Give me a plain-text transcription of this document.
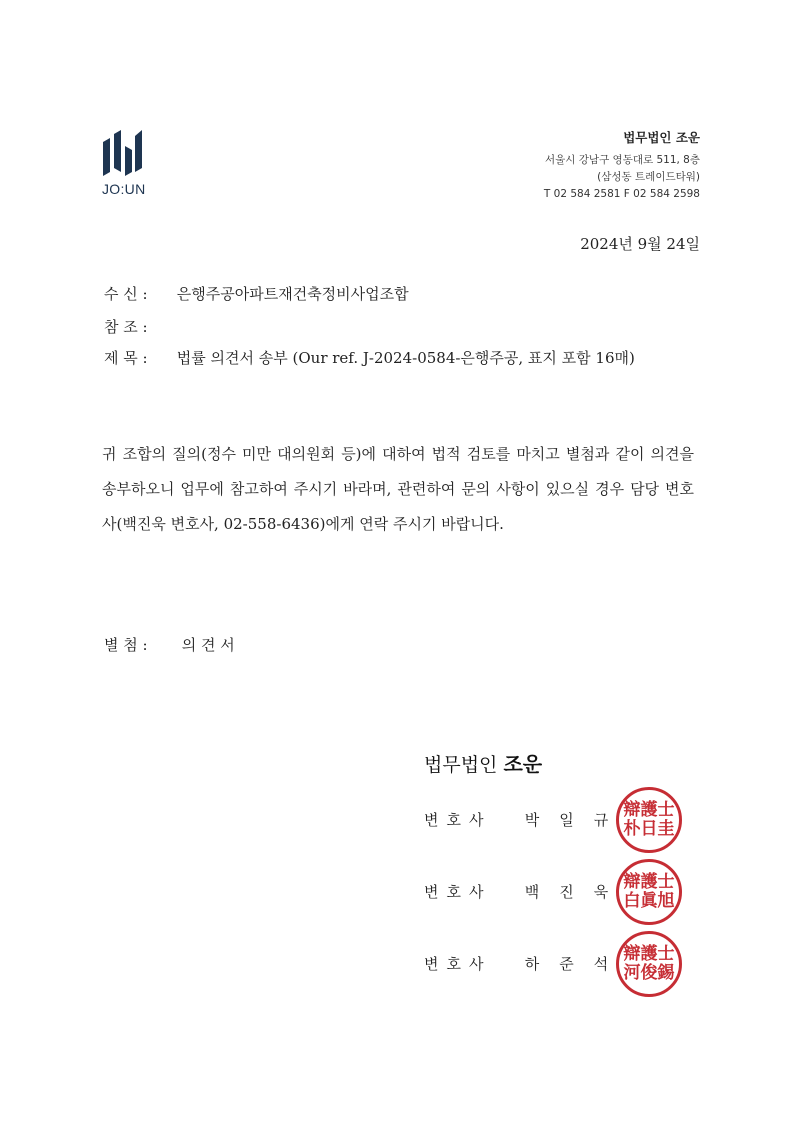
JO:UN
법무법인 조운
서울시 강남구 영동대로 511, 8층
(삼성동 트레이드타워)
T 02 584 2581 F 02 584 2598
2024년 9월 24일
수 신 : 은행주공아파트재건축정비사업조합
참 조 :
제 목 : 법률 의견서 송부 (Our ref. J-2024-0584-은행주공, 표지 포함 16매)
귀 조합의 질의(정수 미만 대의원회 등)에 대하여 법적 검토를 마치고 별첨과 같이 의견을 송부하오니 업무에 참고하여 주시기 바라며, 관련하여 문의 사항이 있으실 경우 담당 변호사(백진욱 변호사, 02-558-6436)에게 연락 주시기 바랍니다.
별 첨 : 의 견 서
법무법인 조운
변호사 박일규
辯護士
朴日圭
변호사 백진욱
辯護士
白眞旭
변호사 하준석
辯護士
河俊錫
